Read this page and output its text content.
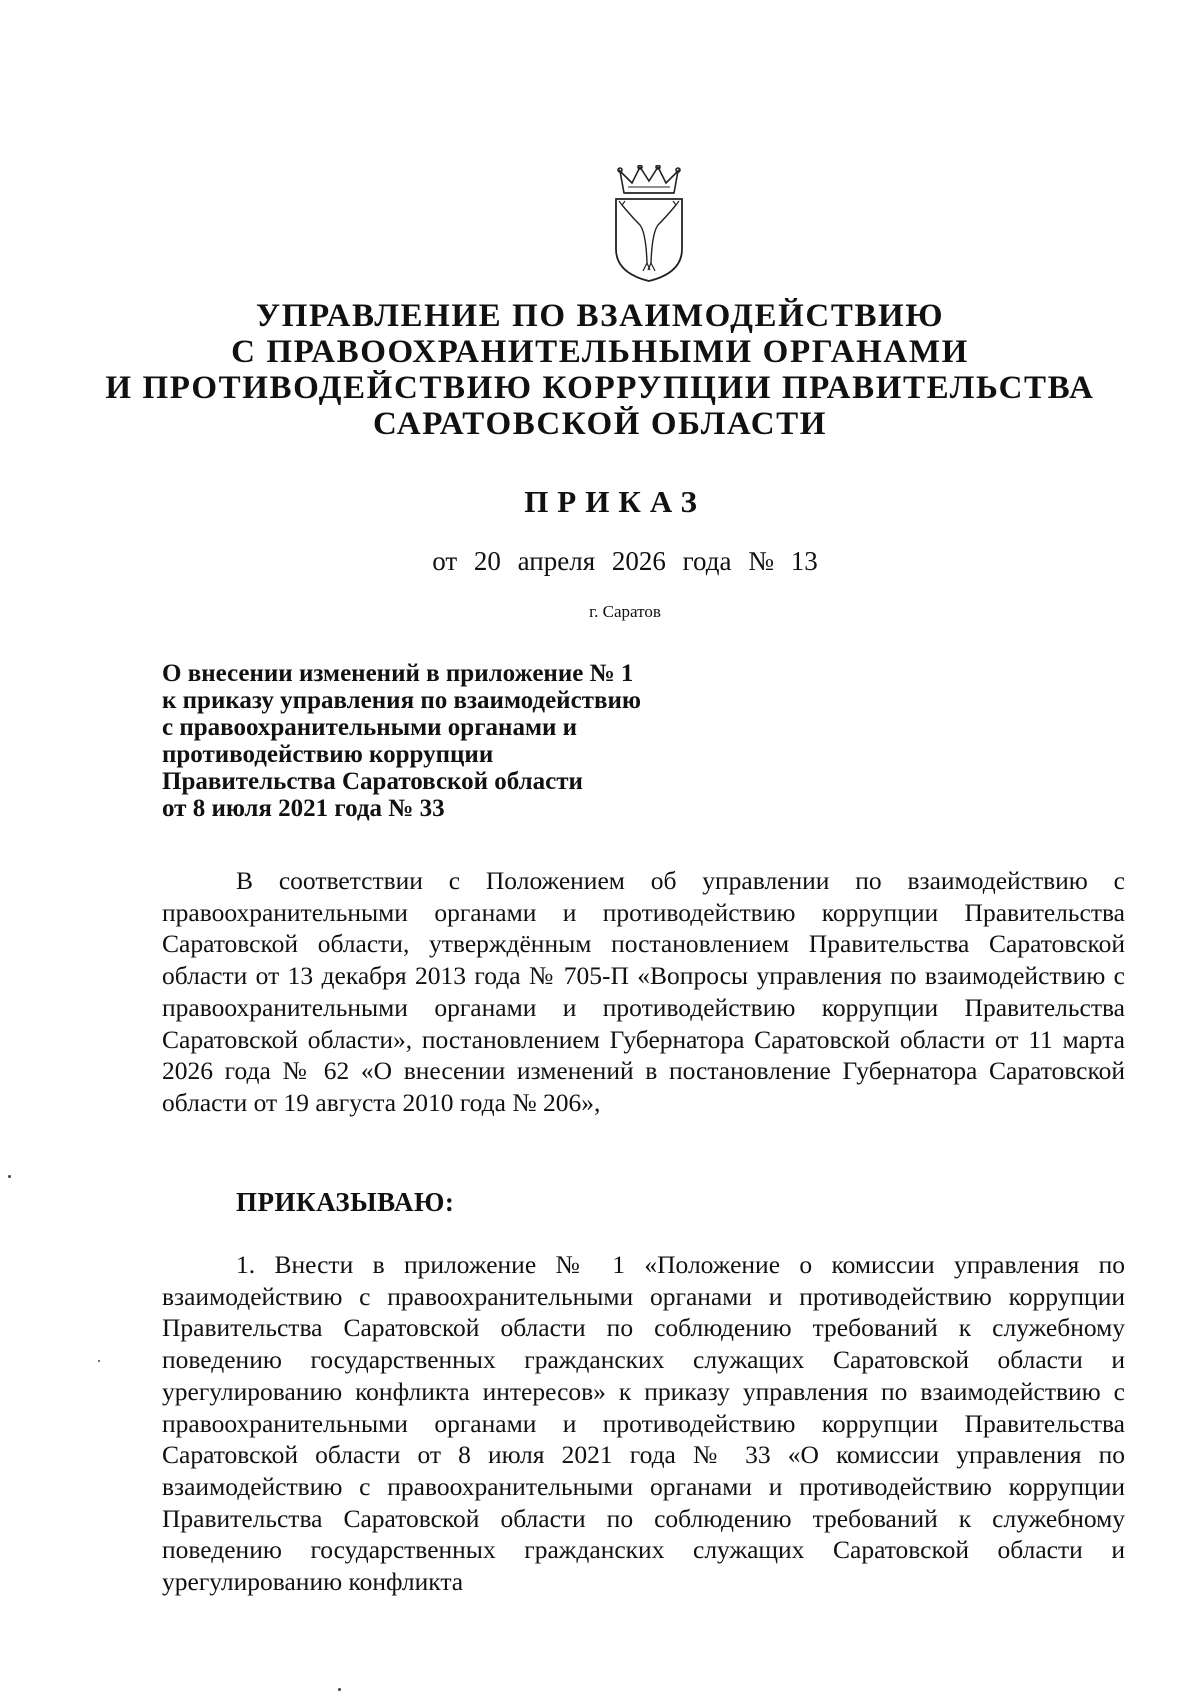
УПРАВЛЕНИЕ ПО ВЗАИМОДЕЙСТВИЮ
С ПРАВООХРАНИТЕЛЬНЫМИ ОРГАНАМИ
И ПРОТИВОДЕЙСТВИЮ КОРРУПЦИИ ПРАВИТЕЛЬСТВА
САРАТОВСКОЙ ОБЛАСТИ
ПРИКАЗ
от 20 апреля 2026 года № 13
г. Саратов
О внесении изменений в приложение № 1
к приказу управления по взаимодействию
с правоохранительными органами и
противодействию коррупции
Правительства Саратовской области
от 8 июля 2021 года № 33
В соответствии с Положением об управлении по взаимодействию с правоохранительными органами и противодействию коррупции Правительства Саратовской области, утверждённым постановлением Правительства Саратовской области от 13 декабря 2013 года № 705-П «Вопросы управления по взаимодействию с правоохранительными органами и противодействию коррупции Правительства Саратовской области», постановлением Губернатора Саратовской области от 11 марта 2026 года № 62 «О внесении изменений в постановление Губернатора Саратовской области от 19 августа 2010 года № 206»,
ПРИКАЗЫВАЮ:
1. Внести в приложение № 1 «Положение о комиссии управления по взаимодействию с правоохранительными органами и противодействию коррупции Правительства Саратовской области по соблюдению требований к служебному поведению государственных гражданских служащих Саратовской области и урегулированию конфликта интересов» к приказу управления по взаимодействию с правоохранительными органами и противодействию коррупции Правительства Саратовской области от 8 июля 2021 года № 33 «О комиссии управления по взаимодействию с правоохранительными органами и противодействию коррупции Правительства Саратовской области по соблюдению требований к служебному поведению государственных гражданских служащих Саратовской области и урегулированию конфликта
